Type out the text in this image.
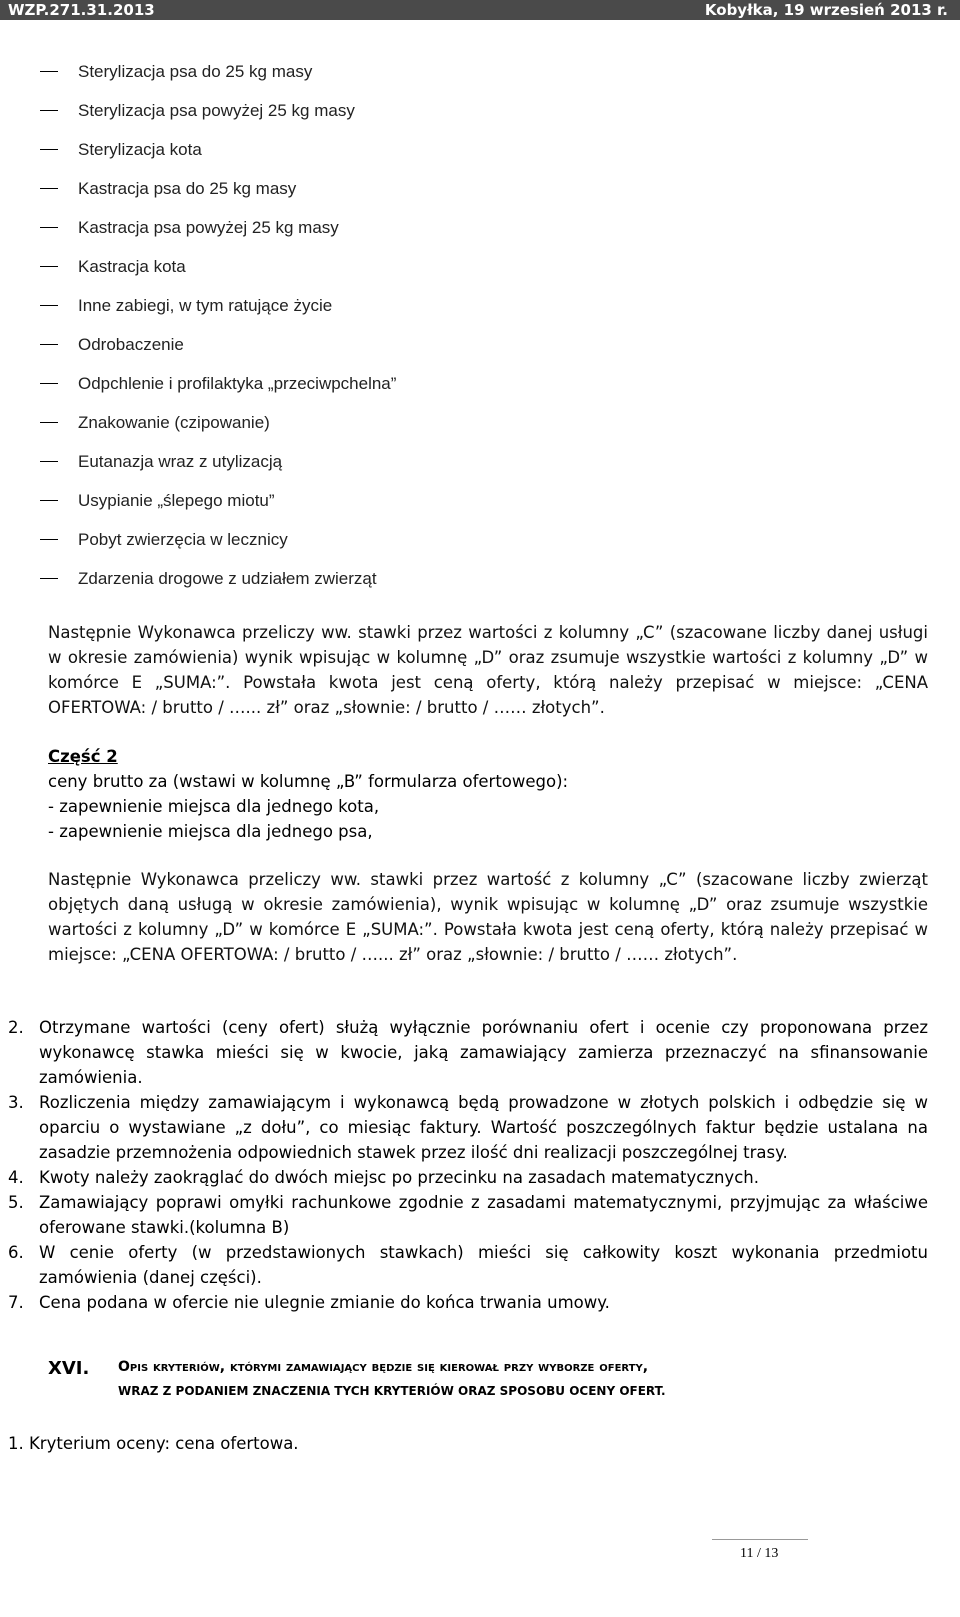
WZP.271.31.2013	Kobyłka, 19 wrzesień 2013 r.
Sterylizacja psa do 25 kg masy
Sterylizacja psa powyżej 25 kg masy
Sterylizacja kota
Kastracja psa do 25 kg masy
Kastracja psa powyżej 25 kg masy
Kastracja kota
Inne zabiegi, w tym ratujące życie
Odrobaczenie
Odpchlenie i profilaktyka „przeciwpchelna”
Znakowanie (czipowanie)
Eutanazja wraz z utylizacją
Usypianie „ślepego miotu”
Pobyt zwierzęcia w lecznicy
Zdarzenia drogowe z udziałem zwierząt
Następnie Wykonawca przeliczy ww. stawki przez wartości z kolumny „C” (szacowane liczby danej usługi w okresie zamówienia) wynik wpisując w kolumnę „D” oraz zsumuje wszystkie wartości z kolumny „D” w komórce E „SUMA:”. Powstała kwota jest ceną oferty, którą należy przepisać w miejsce: „CENA OFERTOWA: / brutto / …... zł” oraz „słownie: / brutto / …… złotych”.
Część 2
ceny brutto za (wstawi w kolumnę „B” formularza ofertowego):
- zapewnienie miejsca dla jednego kota,
- zapewnienie miejsca dla jednego psa,
Następnie Wykonawca przeliczy ww. stawki przez wartość z kolumny „C” (szacowane liczby zwierząt objętych daną usługą w okresie zamówienia), wynik wpisując w kolumnę „D” oraz zsumuje wszystkie wartości z kolumny „D” w komórce E „SUMA:”. Powstała kwota jest ceną oferty, którą należy przepisać w miejsce: „CENA OFERTOWA: / brutto / …... zł” oraz „słownie: / brutto / …… złotych”.
2. Otrzymane wartości (ceny ofert) służą wyłącznie porównaniu ofert i ocenie czy proponowana przez wykonawcę stawka mieści się w kwocie, jaką zamawiający zamierza przeznaczyć na sfinansowanie zamówienia.
3. Rozliczenia między zamawiającym i wykonawcą będą prowadzone w złotych polskich i odbędzie się w oparciu o wystawiane „z dołu”, co miesiąc faktury. Wartość poszczególnych faktur będzie ustalana na zasadzie przemnożenia odpowiednich stawek przez ilość dni realizacji poszczególnej trasy.
4. Kwoty należy zaokrąglać do dwóch miejsc po przecinku na zasadach matematycznych.
5. Zamawiający poprawi omyłki rachunkowe zgodnie z zasadami matematycznymi, przyjmując za właściwe oferowane stawki.(kolumna B)
6. W cenie oferty (w przedstawionych stawkach) mieści się całkowity koszt wykonania przedmiotu zamówienia (danej części).
7. Cena podana w ofercie nie ulegnie zmianie do końca trwania umowy.
XVI. Opis kryteriów, którymi zamawiający będzie się kierował przy wyborze oferty,
WRAZ Z PODANIEM ZNACZENIA TYCH KRYTERIÓW ORAZ SPOSOBU OCENY OFERT.
1. Kryterium oceny: cena ofertowa.
11 / 13
